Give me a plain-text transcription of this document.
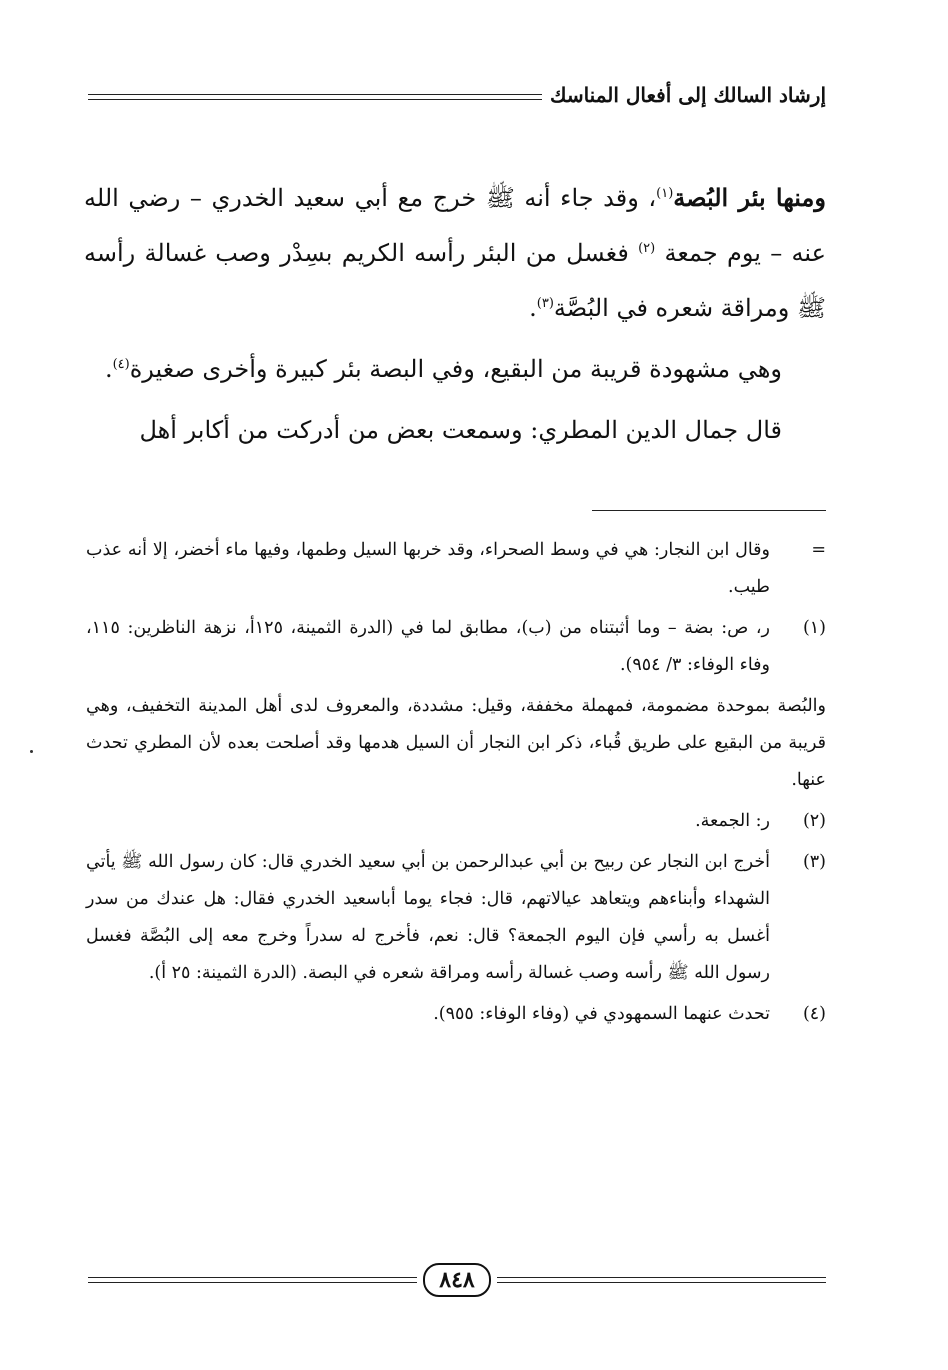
إرشاد السالك إلى أفعال المناسك

ومنها بئر البُصة$^{(١)}$، وقد جاء أنه ﷺ خرج مع أبي سعيد الخدري – رضي الله عنه – يوم جمعة $^{(٢)}$ فغسل من البئر رأسه الكريم بسِدْر وصب غسالة رأسه ﷺ ومراقة شعره في البُصَّة$^{(٣)}$.

وهي مشهودة قريبة من البقيع، وفي البصة بئر كبيرة وأخرى صغيرة$^{(٤)}$.

قال جمال الدين المطري: وسمعت بعض من أدركت من أكابر أهل

=
وقال ابن النجار: هي في وسط الصحراء، وقد خربها السيل وطمها، وفيها ماء أخضر، إلا أنه عذب طيب.
(١)
ر، ص: بضة – وما أثبتناه من (ب)، مطابق لما في (الدرة الثمينة، ١٢٥أ، نزهة الناظرين: ١١٥، وفاء الوفاء: ٣/ ٩٥٤).
والبُصة بموحدة مضمومة، فمهملة مخففة، وقيل: مشددة، والمعروف لدى أهل المدينة التخفيف، وهي قريبة من البقيع على طريق قُباء، ذكر ابن النجار أن السيل هدمها وقد أصلحت بعده لأن المطري تحدث عنها.
(٢)
ر: الجمعة.
(٣)
أخرج ابن النجار عن ربيح بن أبي عبدالرحمن بن أبي سعيد الخدري قال: كان رسول الله ﷺ يأتي الشهداء وأبناءهم ويتعاهد عيالاتهم، قال: فجاء يوما أباسعيد الخدري فقال: هل عندك من سدر أغسل به رأسي فإن اليوم الجمعة؟ قال: نعم، فأخرج له سدراً وخرج معه إلى البُصَّة فغسل رسول الله ﷺ رأسه وصب غسالة رأسه ومراقة شعره في البصة. (الدرة الثمينة: ٢٥ أ).
(٤)
تحدث عنهما السمهودي في (وفاء الوفاء: ٩٥٥).
٨٤٨
